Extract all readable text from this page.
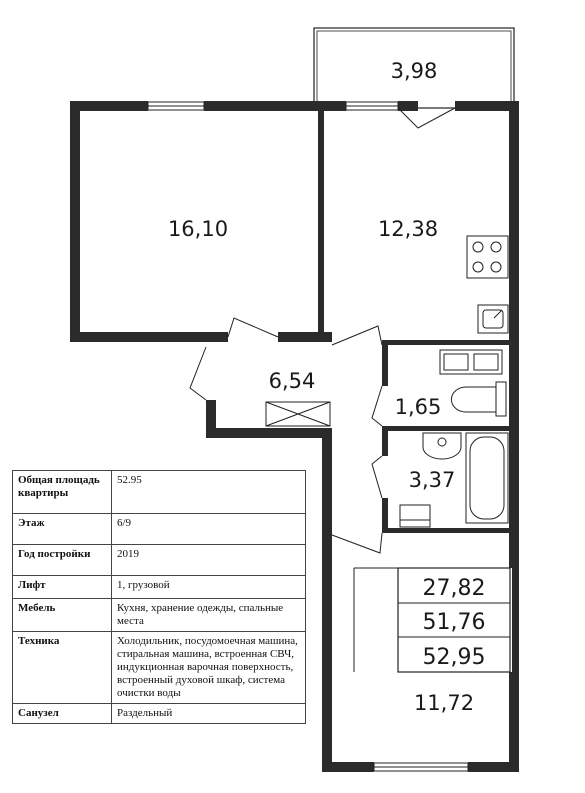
3,98
16,10	12,38
6,54
1,65
3,37
11,72
27,82
51,76
52,95
Общая площадь квартиры	52.95
Этаж	6/9
Год постройки	2019
Лифт	1, грузовой
Мебель	Кухня, хранение одежды, спальные места
Техника	Холодильник, посудомоечная машина, стиральная машина, встроенная СВЧ, индукционная варочная поверхность, встроенный духовой шкаф, система очистки воды
Санузел	Раздельный
